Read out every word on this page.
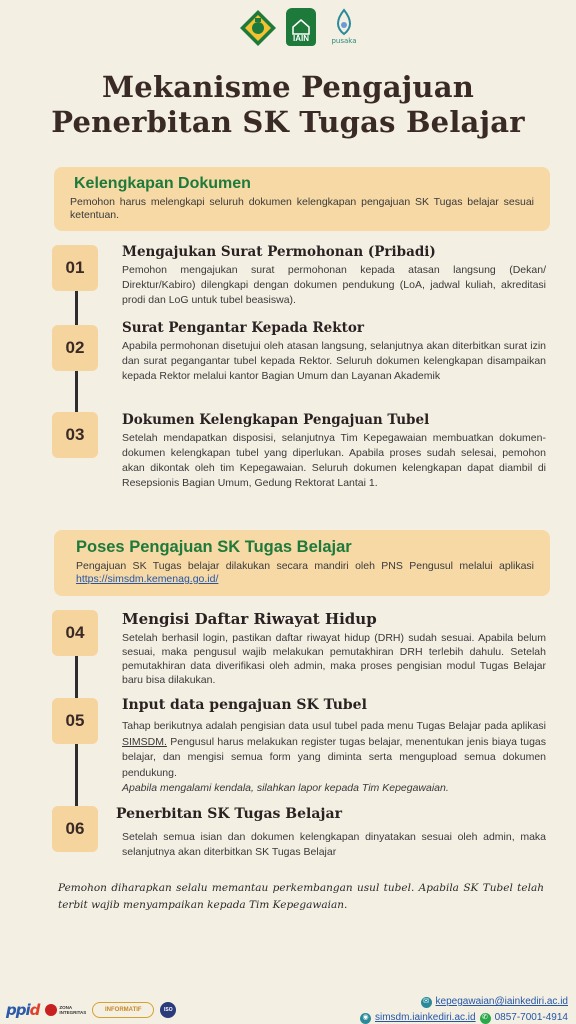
IAIN	pusaka
Mekanisme Pengajuan
Penerbitan SK Tugas Belajar
Kelengkapan Dokumen

Pemohon harus melengkapi seluruh dokumen kelengkapan pengajuan SK Tugas belajar sesuai ketentuan.

01
Mengajukan Surat Permohonan (Pribadi)

Pemohon mengajukan surat permohonan kepada atasan langsung (Dekan/ Direktur/Kabiro) dilengkapi dengan dokumen pendukung (LoA, jadwal kuliah, akreditasi prodi dan LoG untuk tubel beasiswa).

02
Surat Pengantar Kepada Rektor

Apabila permohonan disetujui oleh atasan langsung, selanjutnya akan diterbitkan surat izin dan surat pegangantar tubel kepada Rektor. Seluruh dokumen kelengkapan disampaikan kepada Rektor melalui kantor Bagian Umum dan Layanan Akademik

03
Dokumen Kelengkapan Pengajuan Tubel

Setelah mendapatkan disposisi, selanjutnya Tim Kepegawaian membuatkan dokumen-dokumen kelengkapan tubel yang diperlukan. Apabila proses sudah selesai, pemohon akan dikontak oleh tim Kepegawaian. Seluruh dokumen kelengkapan dapat diambil di Resepsionis Bagian Umum, Gedung Rektorat Lantai 1.

Poses Pengajuan SK Tugas Belajar

Pengajuan SK Tugas belajar dilakukan secara mandiri oleh PNS Pengusul melalui aplikasi https://simsdm.kemenag.go.id/

04
Mengisi Daftar Riwayat Hidup

Setelah berhasil login, pastikan daftar riwayat hidup (DRH) sudah sesuai. Apabila belum sesuai, maka pengusul wajib melakukan pemutakhiran DRH terlebih dahulu. Setelah pemutakhiran data diverifikasi oleh admin, maka proses pengisian modul Tugas Belajar baru bisa dilakukan.

05
Input data pengajuan SK Tubel

Tahap berikutnya adalah pengisian data usul tubel pada menu Tugas Belajar pada aplikasi SIMSDM. Pengusul harus melakukan register tugas belajar, menentukan jenis biaya tugas belajar, dan mengisi semua form yang diminta serta mengupload semua dokumen pendukung.

Apabila mengalami kendala, silahkan lapor kepada Tim Kepegawaian.

06
Penerbitan SK Tugas Belajar

Setelah semua isian dan dokumen kelengkapan dinyatakan sesuai oleh admin, maka selanjutnya akan diterbitkan SK Tugas Belajar

Pemohon diharapkan selalu memantau perkembangan usul tubel. Apabila SK Tubel telah terbit wajib menyampaikan kepada Tim Kepegawaian.

ppid	ZONA
INTEGRITAS	INFORMATIF	ISO
✉ kepegawaian@iainkediri.ac.id
◉ simsdm.iainkediri.ac.id ✆ 0857-7001-4914
